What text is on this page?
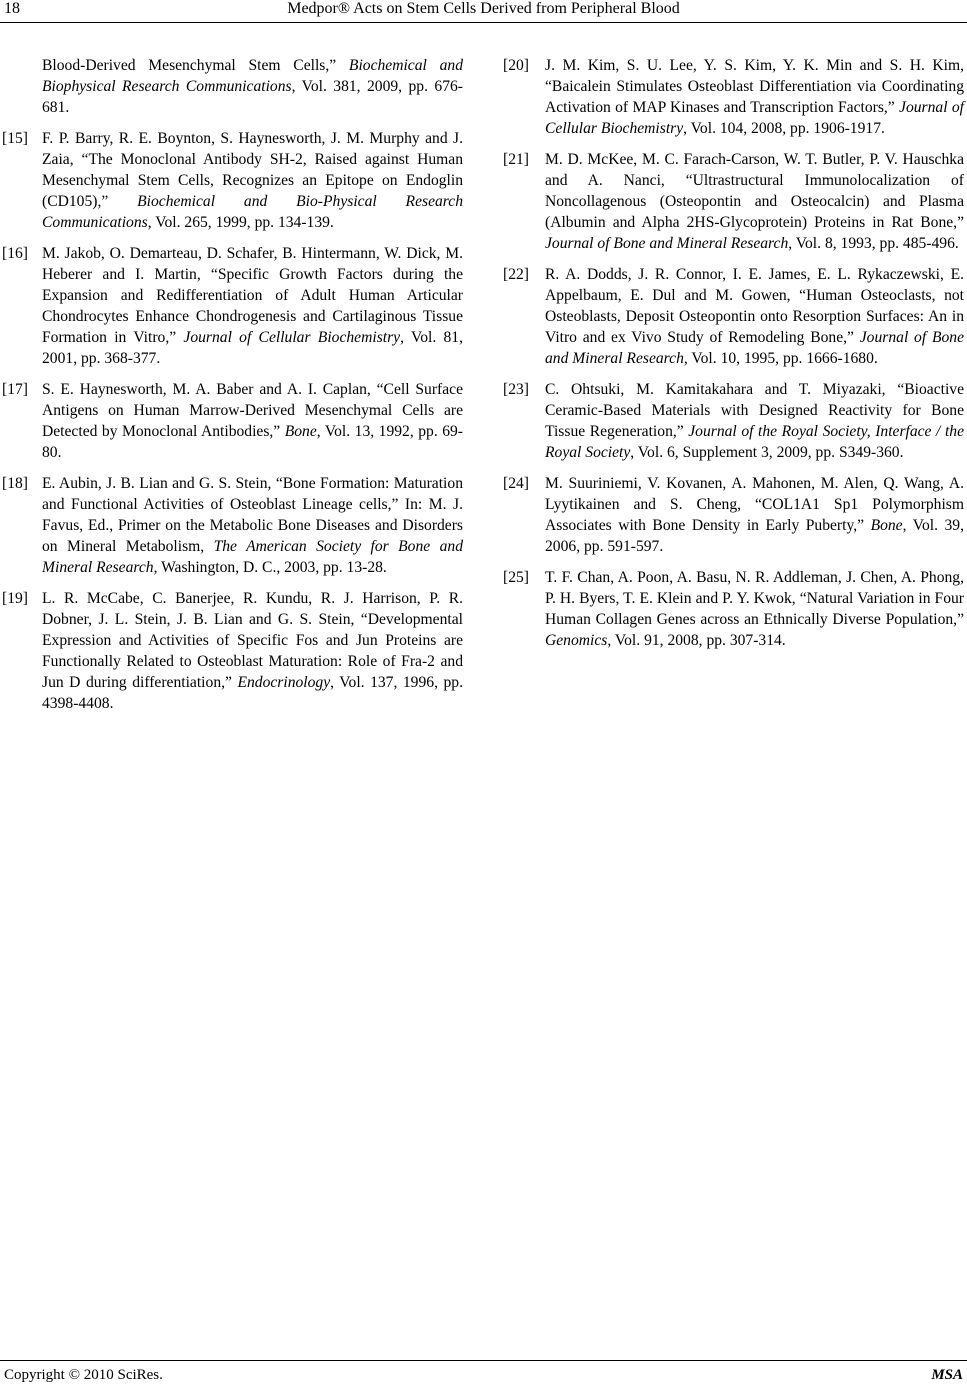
18	Medpor® Acts on Stem Cells Derived from Peripheral Blood
Blood-Derived Mesenchymal Stem Cells,” Biochemical and Biophysical Research Communications, Vol. 381, 2009, pp. 676-681.
[15] F. P. Barry, R. E. Boynton, S. Haynesworth, J. M. Murphy and J. Zaia, “The Monoclonal Antibody SH-2, Raised against Human Mesenchymal Stem Cells, Recognizes an Epitope on Endoglin (CD105),” Biochemical and Bio-Physical Research Communications, Vol. 265, 1999, pp. 134-139.
[16] M. Jakob, O. Demarteau, D. Schafer, B. Hintermann, W. Dick, M. Heberer and I. Martin, “Specific Growth Factors during the Expansion and Redifferentiation of Adult Human Articular Chondrocytes Enhance Chondrogenesis and Cartilaginous Tissue Formation in Vitro,” Journal of Cellular Biochemistry, Vol. 81, 2001, pp. 368-377.
[17] S. E. Haynesworth, M. A. Baber and A. I. Caplan, “Cell Surface Antigens on Human Marrow-Derived Mesenchymal Cells are Detected by Monoclonal Antibodies,” Bone, Vol. 13, 1992, pp. 69-80.
[18] E. Aubin, J. B. Lian and G. S. Stein, “Bone Formation: Maturation and Functional Activities of Osteoblast Lineage cells,” In: M. J. Favus, Ed., Primer on the Metabolic Bone Diseases and Disorders on Mineral Metabolism, The American Society for Bone and Mineral Research, Washington, D. C., 2003, pp. 13-28.
[19] L. R. McCabe, C. Banerjee, R. Kundu, R. J. Harrison, P. R. Dobner, J. L. Stein, J. B. Lian and G. S. Stein, “Developmental Expression and Activities of Specific Fos and Jun Proteins are Functionally Related to Osteoblast Maturation: Role of Fra-2 and Jun D during differentiation,” Endocrinology, Vol. 137, 1996, pp. 4398-4408.
[20] J. M. Kim, S. U. Lee, Y. S. Kim, Y. K. Min and S. H. Kim, “Baicalein Stimulates Osteoblast Differentiation via Coordinating Activation of MAP Kinases and Transcription Factors,” Journal of Cellular Biochemistry, Vol. 104, 2008, pp. 1906-1917.
[21] M. D. McKee, M. C. Farach-Carson, W. T. Butler, P. V. Hauschka and A. Nanci, “Ultrastructural Immunolocalization of Noncollagenous (Osteopontin and Osteocalcin) and Plasma (Albumin and Alpha 2HS-Glycoprotein) Proteins in Rat Bone,” Journal of Bone and Mineral Research, Vol. 8, 1993, pp. 485-496.
[22] R. A. Dodds, J. R. Connor, I. E. James, E. L. Rykaczewski, E. Appelbaum, E. Dul and M. Gowen, “Human Osteoclasts, not Osteoblasts, Deposit Osteopontin onto Resorption Surfaces: An in Vitro and ex Vivo Study of Remodeling Bone,” Journal of Bone and Mineral Research, Vol. 10, 1995, pp. 1666-1680.
[23] C. Ohtsuki, M. Kamitakahara and T. Miyazaki, “Bioactive Ceramic-Based Materials with Designed Reactivity for Bone Tissue Regeneration,” Journal of the Royal Society, Interface / the Royal Society, Vol. 6, Supplement 3, 2009, pp. S349-360.
[24] M. Suuriniemi, V. Kovanen, A. Mahonen, M. Alen, Q. Wang, A. Lyytikainen and S. Cheng, “COL1A1 Sp1 Polymorphism Associates with Bone Density in Early Puberty,” Bone, Vol. 39, 2006, pp. 591-597.
[25] T. F. Chan, A. Poon, A. Basu, N. R. Addleman, J. Chen, A. Phong, P. H. Byers, T. E. Klein and P. Y. Kwok, “Natural Variation in Four Human Collagen Genes across an Ethnically Diverse Population,” Genomics, Vol. 91, 2008, pp. 307-314.
Copyright © 2010 SciRes.	MSA
